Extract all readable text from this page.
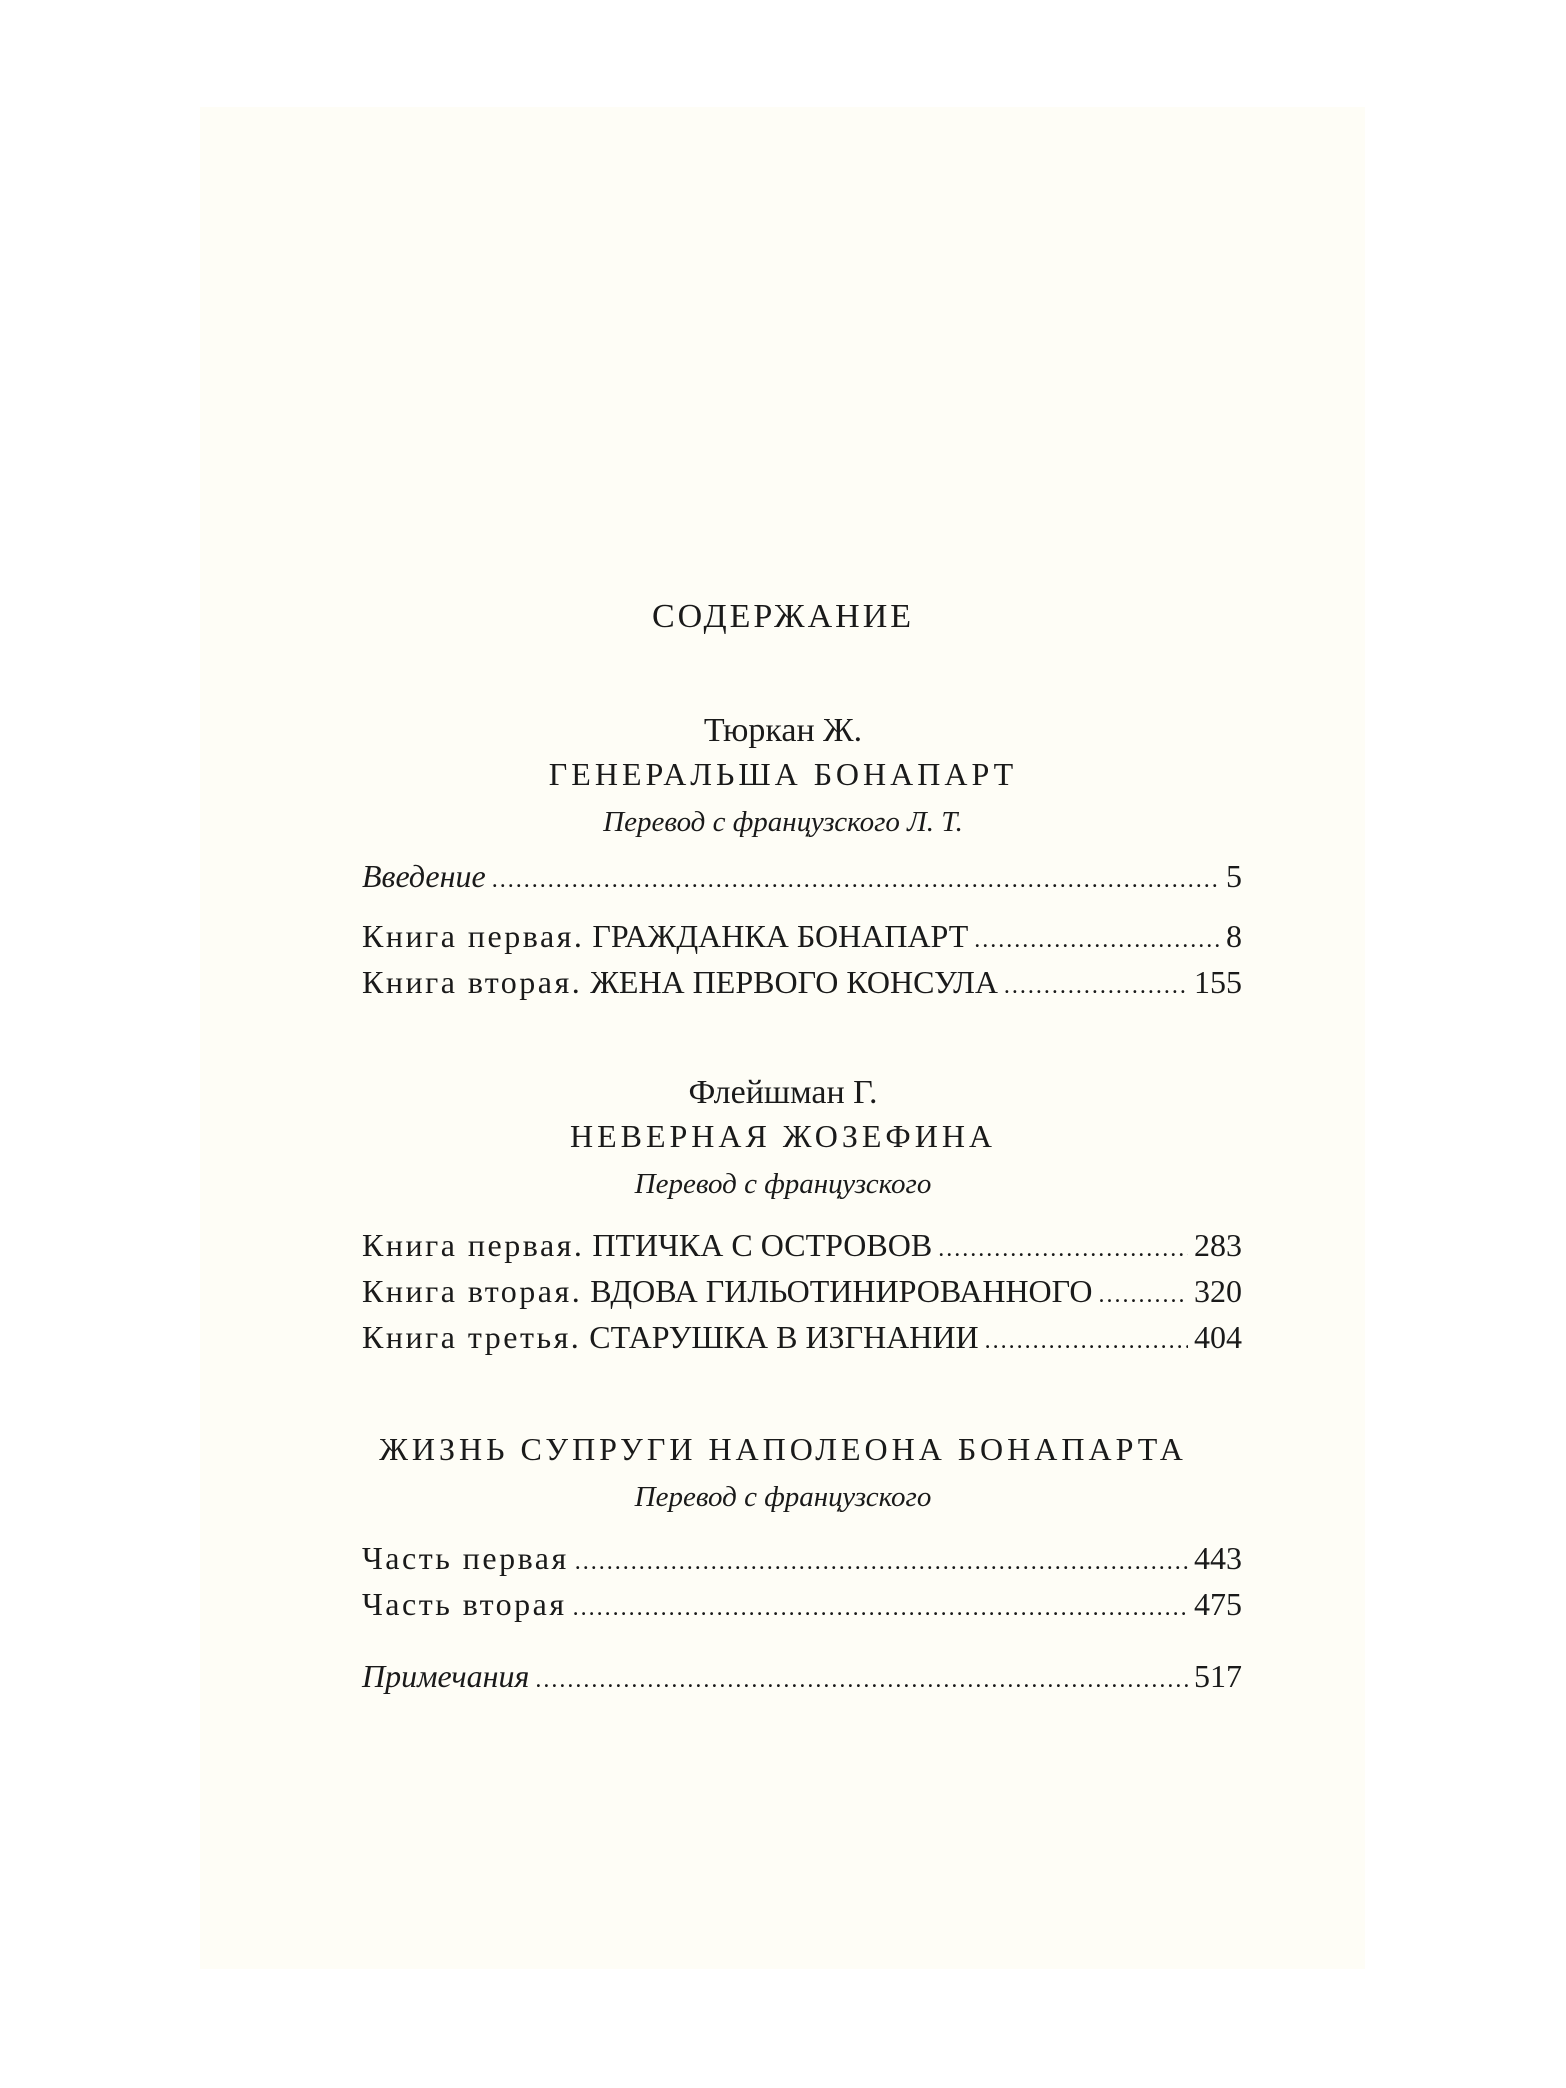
СОДЕРЖАНИЕ
Тюркан Ж.
ГЕНЕРАЛЬША БОНАПАРТ
Перевод с французского Л. Т.
Введение .....	5
Книга первая. ГРАЖДАНКА БОНАПАРТ .....	8
Книга вторая. ЖЕНА ПЕРВОГО КОНСУЛА .....	155
Флейшман Г.
НЕВЕРНАЯ ЖОЗЕФИНА
Перевод с французского
Книга первая. ПТИЧКА С ОСТРОВОВ .....	283
Книга вторая. ВДОВА ГИЛЬОТИНИРОВАННОГО .....	320
Книга третья. СТАРУШКА В ИЗГНАНИИ .....	404
ЖИЗНЬ СУПРУГИ НАПОЛЕОНА БОНАПАРТА
Перевод с французского
Часть первая .....	443
Часть вторая .....	475
Примечания .....	517
